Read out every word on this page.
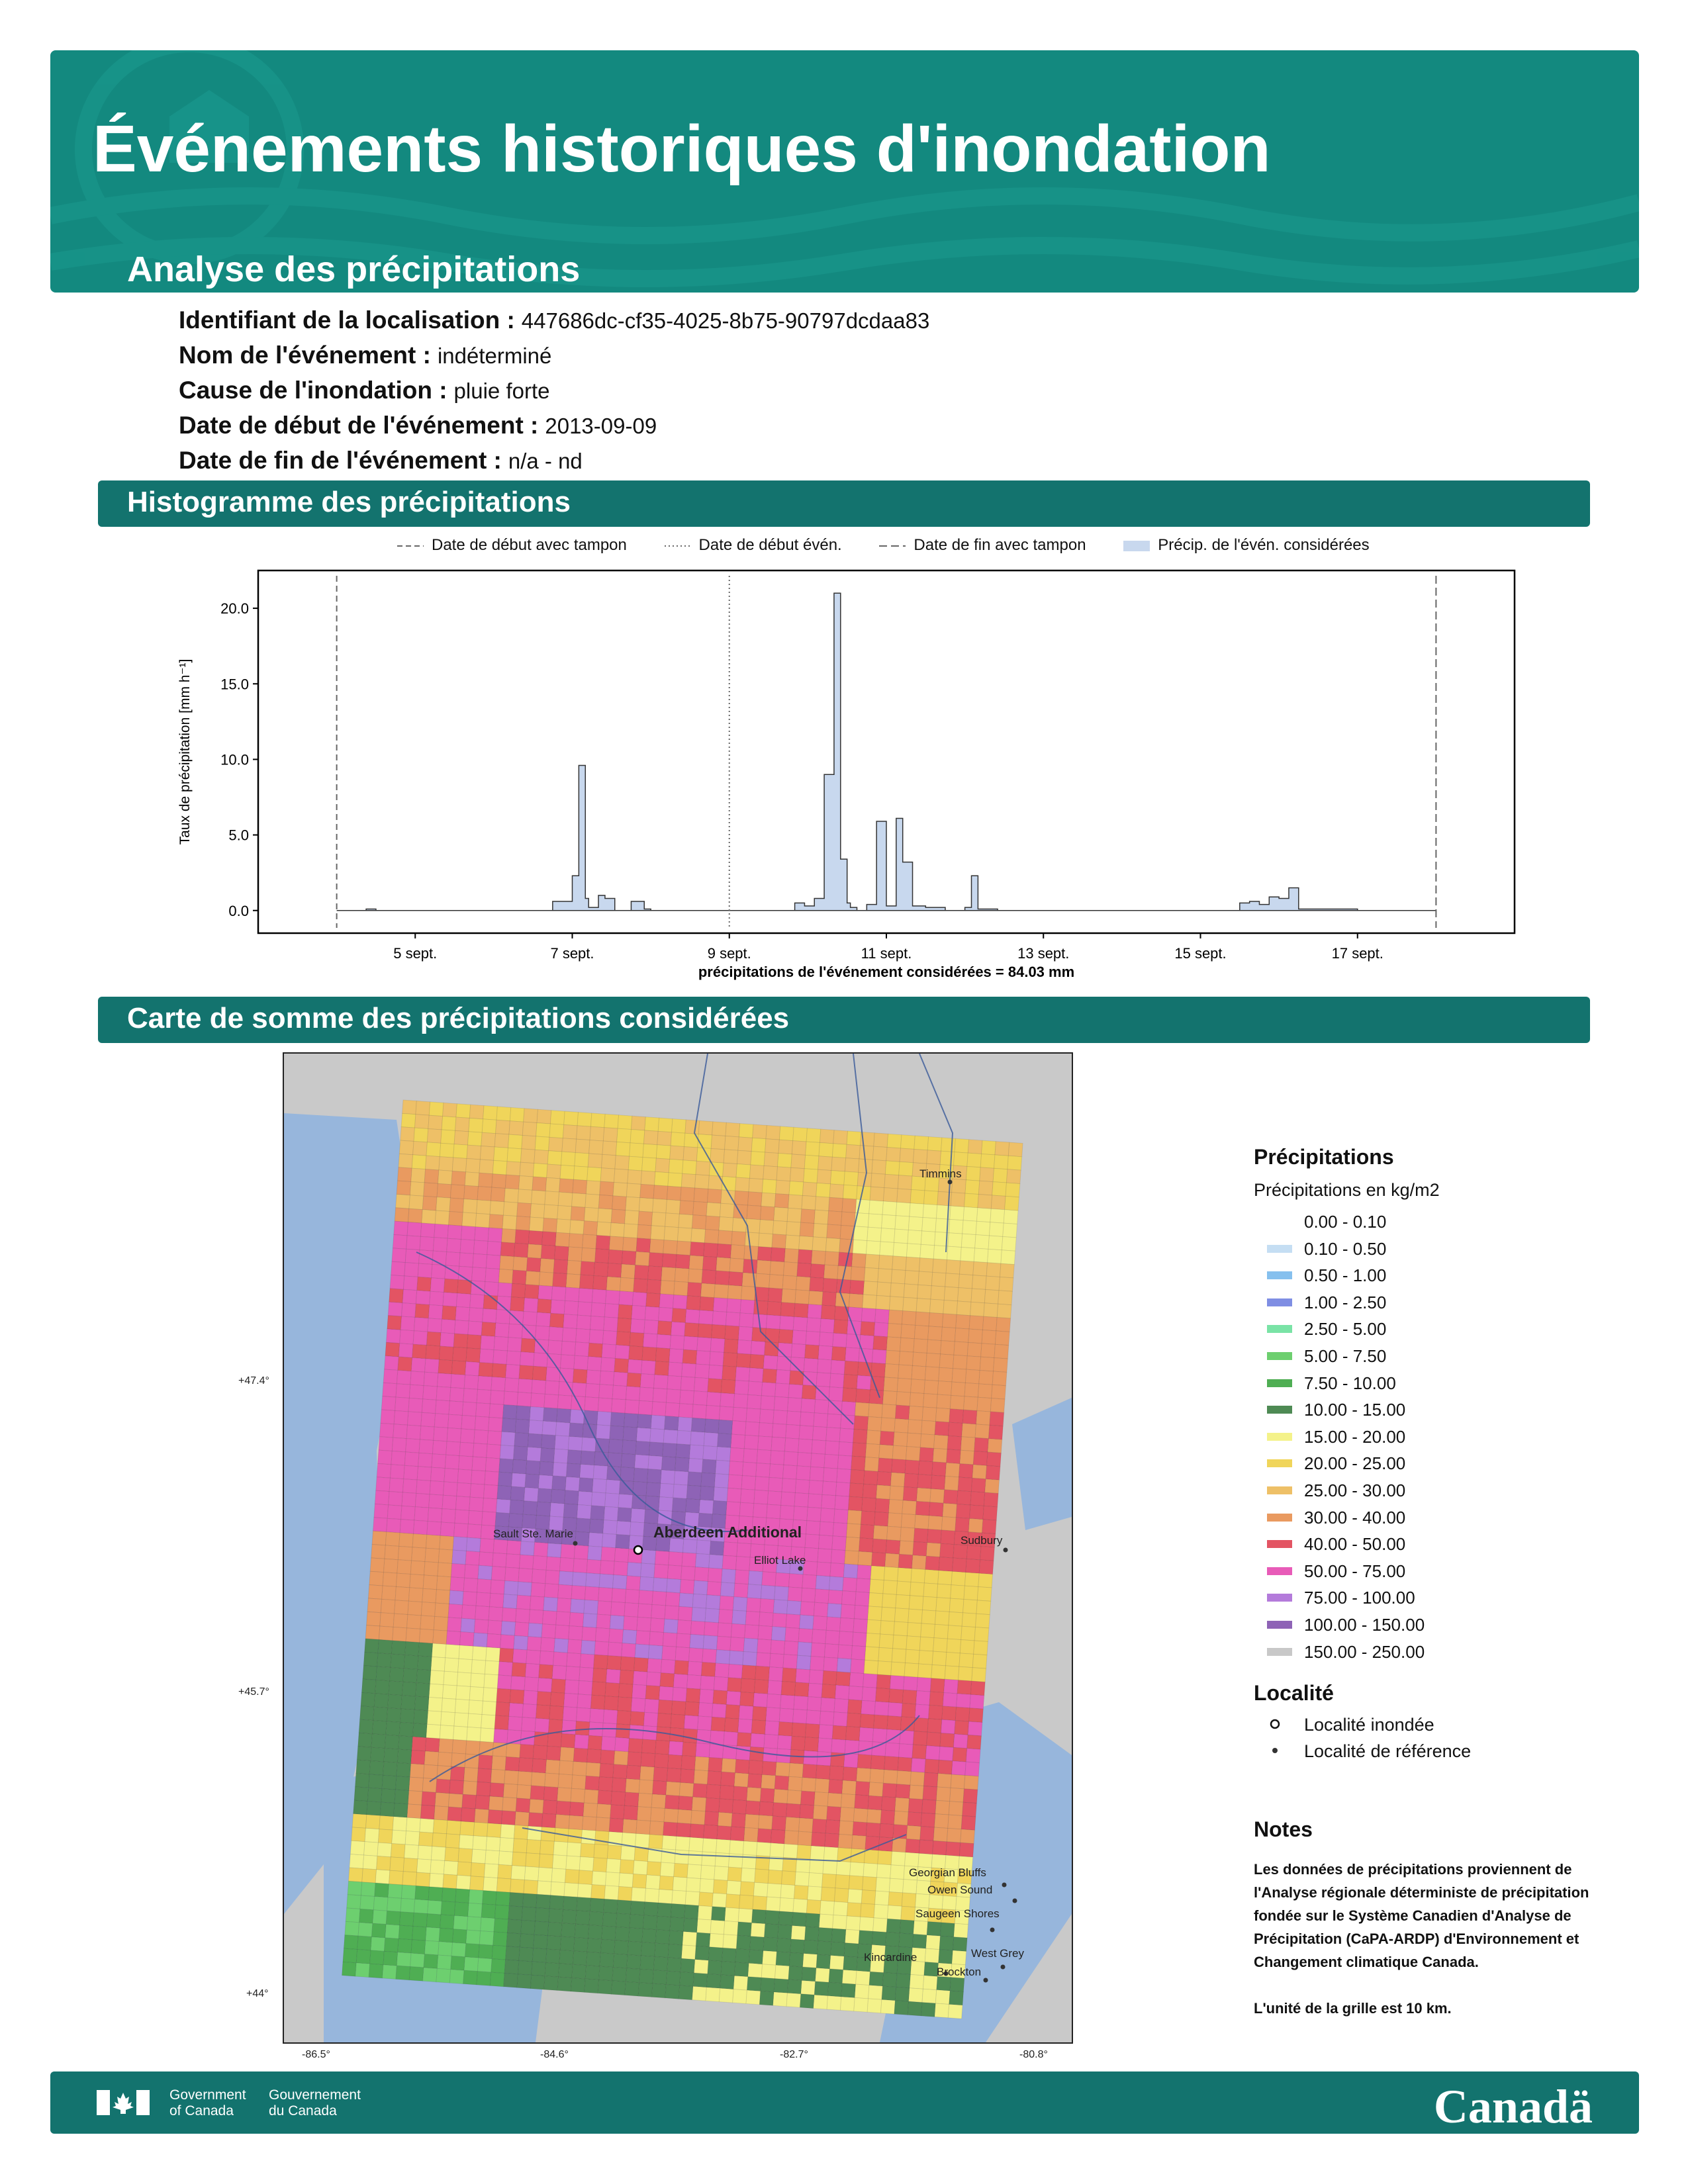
Événements historiques d'inondation
Analyse des précipitations
Identifiant de la localisation : 447686dc-cf35-4025-8b75-90797dcdaa83
Nom de l'événement : indéterminé
Cause de l'inondation : pluie forte
Date de début de l'événement : 2013-09-09
Date de fin de l'événement : n/a - nd
Histogramme des précipitations
Date de début avec tampon	Date de début évén.	Date de fin avec tampon	Précip. de l'évén. considérées
0.0
5.0
10.0
15.0
20.0
5 sept.	7 sept.	9 sept.	11 sept.	13 sept.	15 sept.	17 sept.
Taux de précipitation [mm h⁻¹]
précipitations de l'événement considérées = 84.03 mm
Carte de somme des précipitations considérées
Timmins
Sault Ste. Marie
Elliot Lake
Sudbury
Georgian Bluffs
Owen Sound
Saugeen Shores
West Grey
Kincardine
Brockton
Aberdeen Additional
+47.4°
+45.7°
+44°
-86.5°	-84.6°	-82.7°	-80.8°
Précipitations
Précipitations en kg/m2
0.00 - 0.10
0.10 - 0.50
0.50 - 1.00
1.00 - 2.50
2.50 - 5.00
5.00 - 7.50
7.50 - 10.00
10.00 - 15.00
15.00 - 20.00
20.00 - 25.00
25.00 - 30.00
30.00 - 40.00
40.00 - 50.00
50.00 - 75.00
75.00 - 100.00
100.00 - 150.00
150.00 - 250.00
Localité
Localité inondée
Localité de référence
Notes

Les données de précipitations proviennent de l'Analyse régionale déterministe de précipitation fondée sur le Système Canadien d'Analyse de Précipitation (CaPA-ARDP) d'Environnement et Changement climatique Canada.

L'unité de la grille est 10 km.

Government
of Canada
Gouvernement
du Canada	Canadä
